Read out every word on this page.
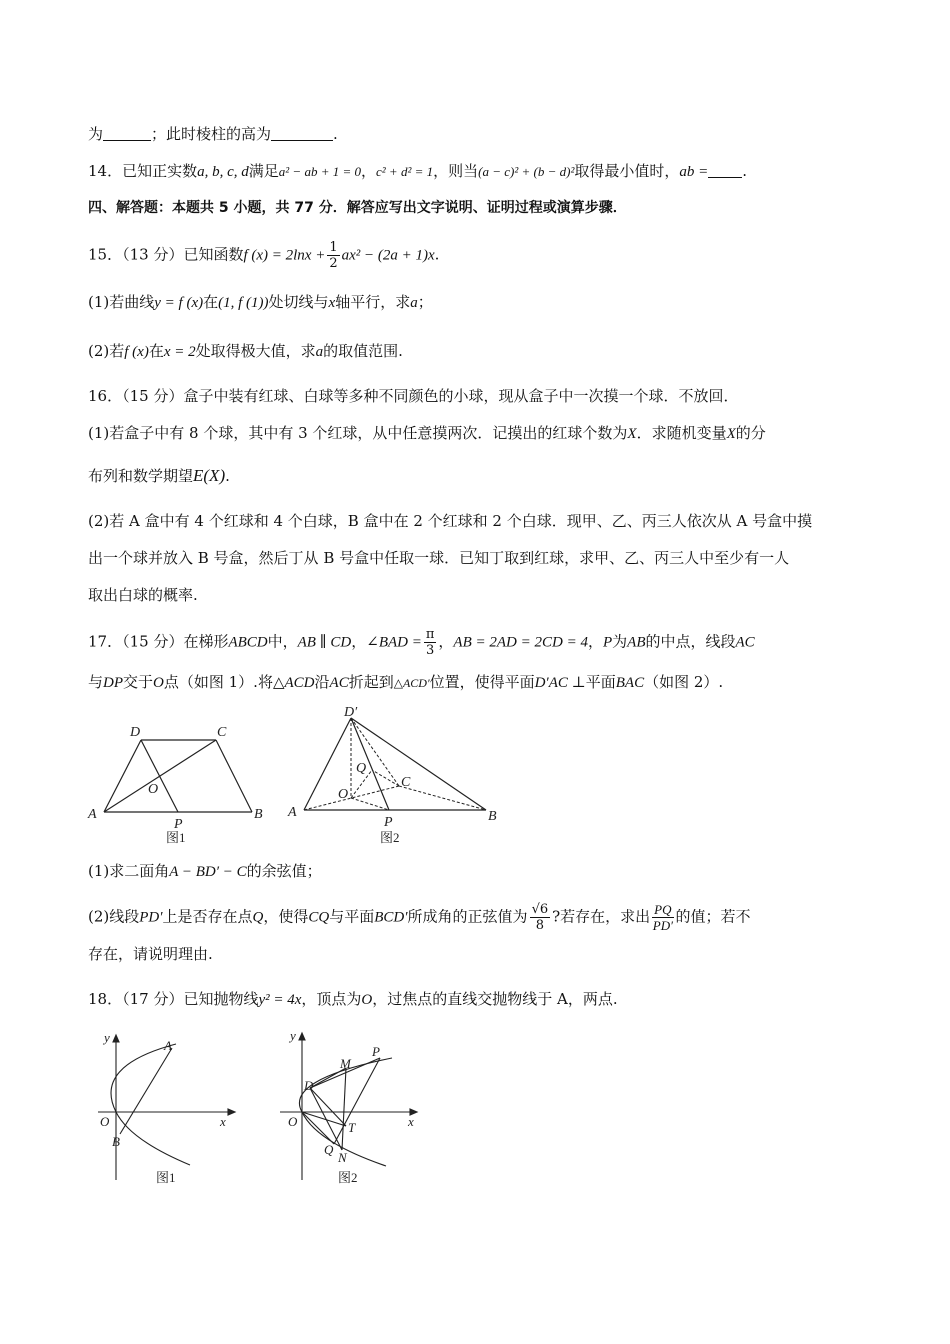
为	；此时棱柱的高为	.
14．已知正实数a, b, c, d满足a² − ab + 1 = 0，c² + d² = 1，则当(a − c)² + (b − d)²取得最小值时，ab = .
四、解答题：本题共 5 小题，共 77 分．解答应写出文字说明、证明过程或演算步骤．
15．（13 分）已知函数f $(x) = 2\ln x + \frac{1}{2} ax^2 - (2a + 1)x$.
(1)若曲线y = f (x)在(1, f (1))处切线与x轴平行，求a；
(2)若f (x)在x = 2处取得极大值，求a的取值范围.
16．（15 分）盒子中装有红球、白球等多种不同颜色的小球，现从盒子中一次摸一个球．不放回．
(1)若盒子中有 8 个球，其中有 3 个红球，从中任意摸两次．记摸出的红球个数为X．求随机变量X的分
布列和数学期望E(X).
(2)若 A 盒中有 4 个红球和 4 个白球，B 盒中在 2 个红球和 2 个白球．现甲、乙、丙三人依次从 A 号盒中摸
出一个球并放入 B 号盒，然后丁从 B 号盒中任取一球．已知丁取到红球，求甲、乙、丙三人中至少有一人
取出白球的概率.
17．（15 分）在梯形ABCD中，AB ∥ CD，∠BAD = $\frac{\pi}{3}$ ，AB = 2AD = 2CD = 4，P为AB的中点，线段AC
与DP交于O点（如图 1）.将△ACD沿AC折起到△ACD′位置，使得平面D′AC ⊥平面BAC（如图 2）.
A	B
C
D
O
P
图1
A	B
C
D′
O
P
Q
图2
(1)求二面角A − BD′ − C的余弦值；
(2)线段PD′上是否存在点Q，使得CQ与平面BCD′所成角的正弦值为 $\frac{√6}{8}$ ?若存在，求出 $\frac{PQ}{PD'}$ 的值；若不
存在，请说明理由.
18．（17 分）已知抛物线y² = 4x，顶点为O，过焦点的直线交抛物线于 A，两点.
y
x
O
A
B
图1
y
x
O
D
M
P
T
Q
N
图2
